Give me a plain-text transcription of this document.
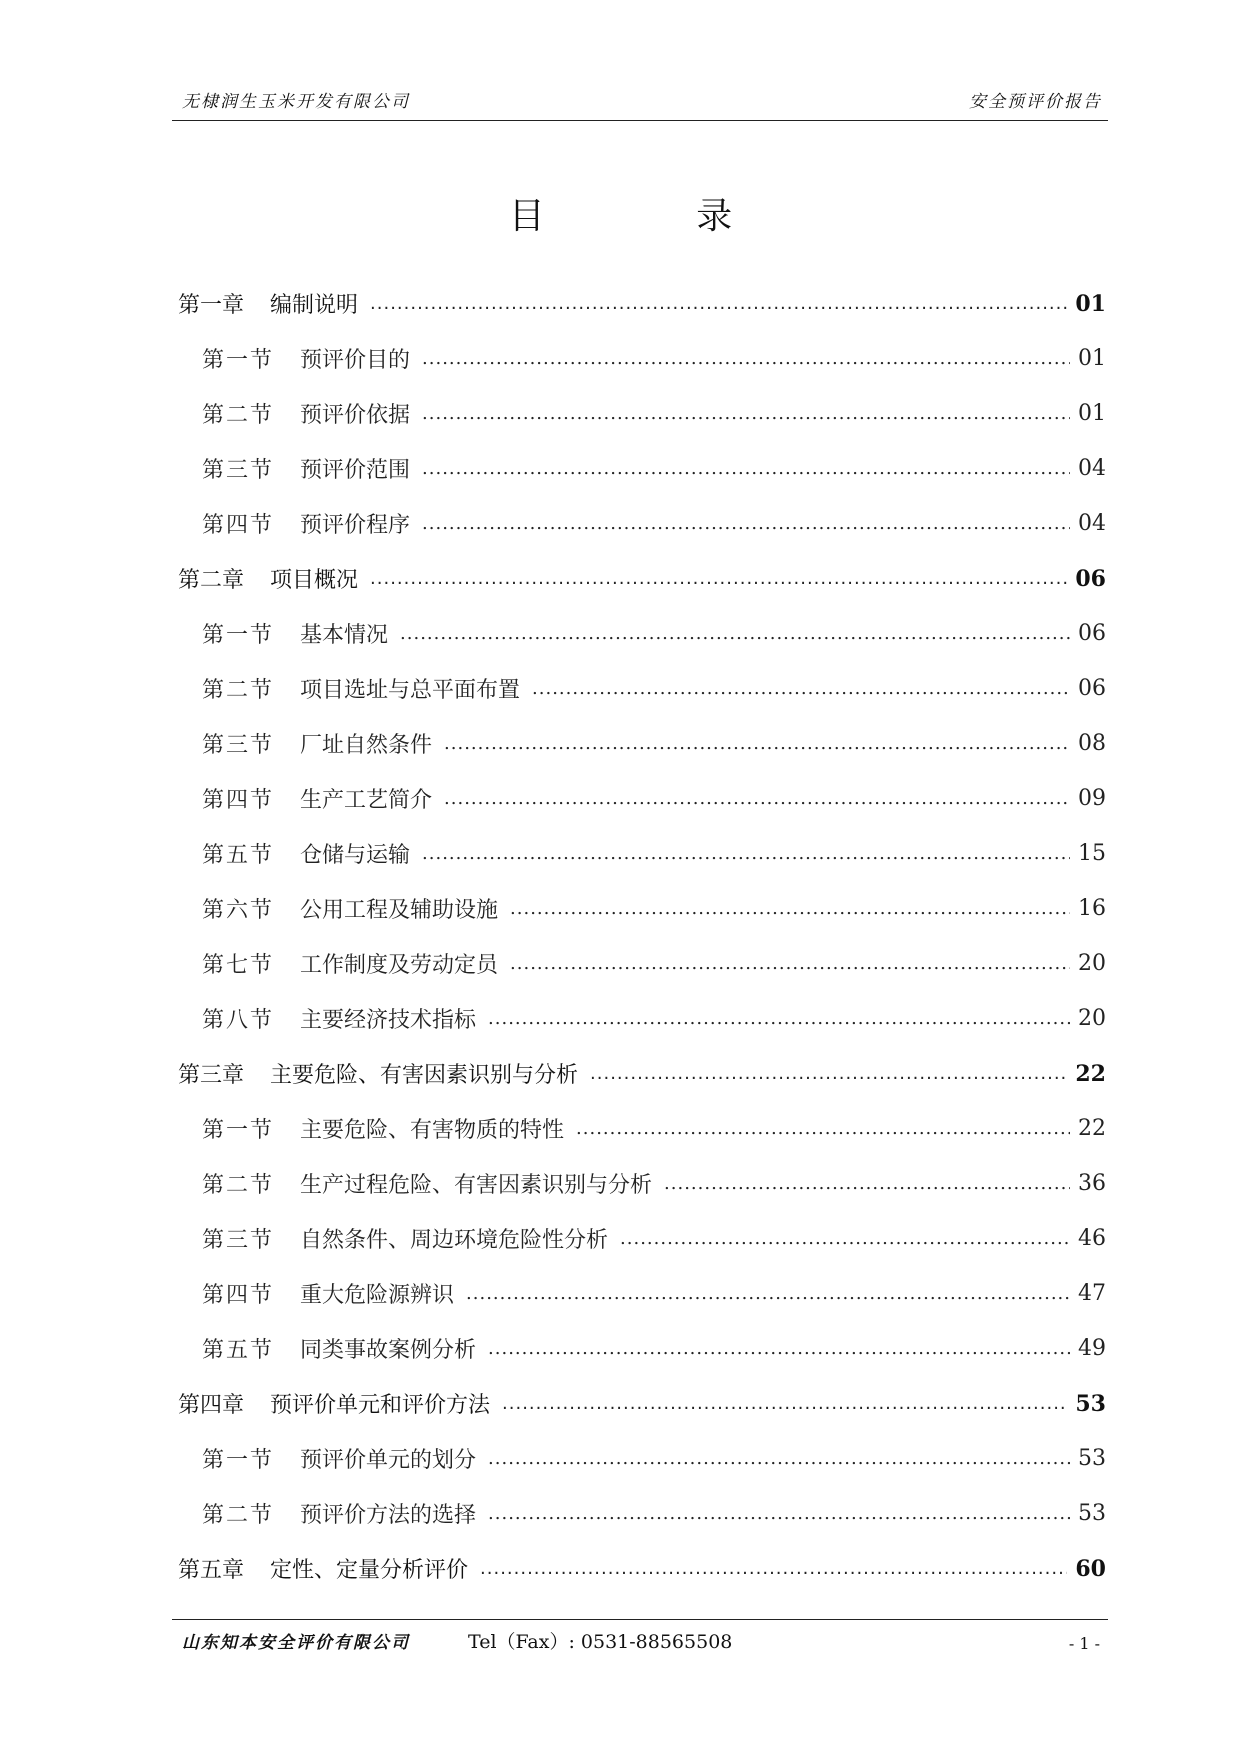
无棣润生玉米开发有限公司	安全预评价报告
目 录
第一章 编制说明 .....	01
第一节 预评价目的 .....	01
第二节 预评价依据 .....	01
第三节 预评价范围 .....	04
第四节 预评价程序 .....	04
第二章 项目概况 .....	06
第一节 基本情况 .....	06
第二节 项目选址与总平面布置 .....	06
第三节 厂址自然条件 .....	08
第四节 生产工艺简介 .....	09
第五节 仓储与运输 .....	15
第六节 公用工程及辅助设施 .....	16
第七节 工作制度及劳动定员 .....	20
第八节 主要经济技术指标 .....	20
第三章 主要危险、有害因素识别与分析 .....	22
第一节 主要危险、有害物质的特性 .....	22
第二节 生产过程危险、有害因素识别与分析 .....	36
第三节 自然条件、周边环境危险性分析 .....	46
第四节 重大危险源辨识 .....	47
第五节 同类事故案例分析 .....	49
第四章 预评价单元和评价方法 .....	53
第一节 预评价单元的划分 .....	53
第二节 预评价方法的选择 .....	53
第五章 定性、定量分析评价 .....	60
山东知本安全评价有限公司	Tel（Fax）: 0531-88565508	- 1 -
